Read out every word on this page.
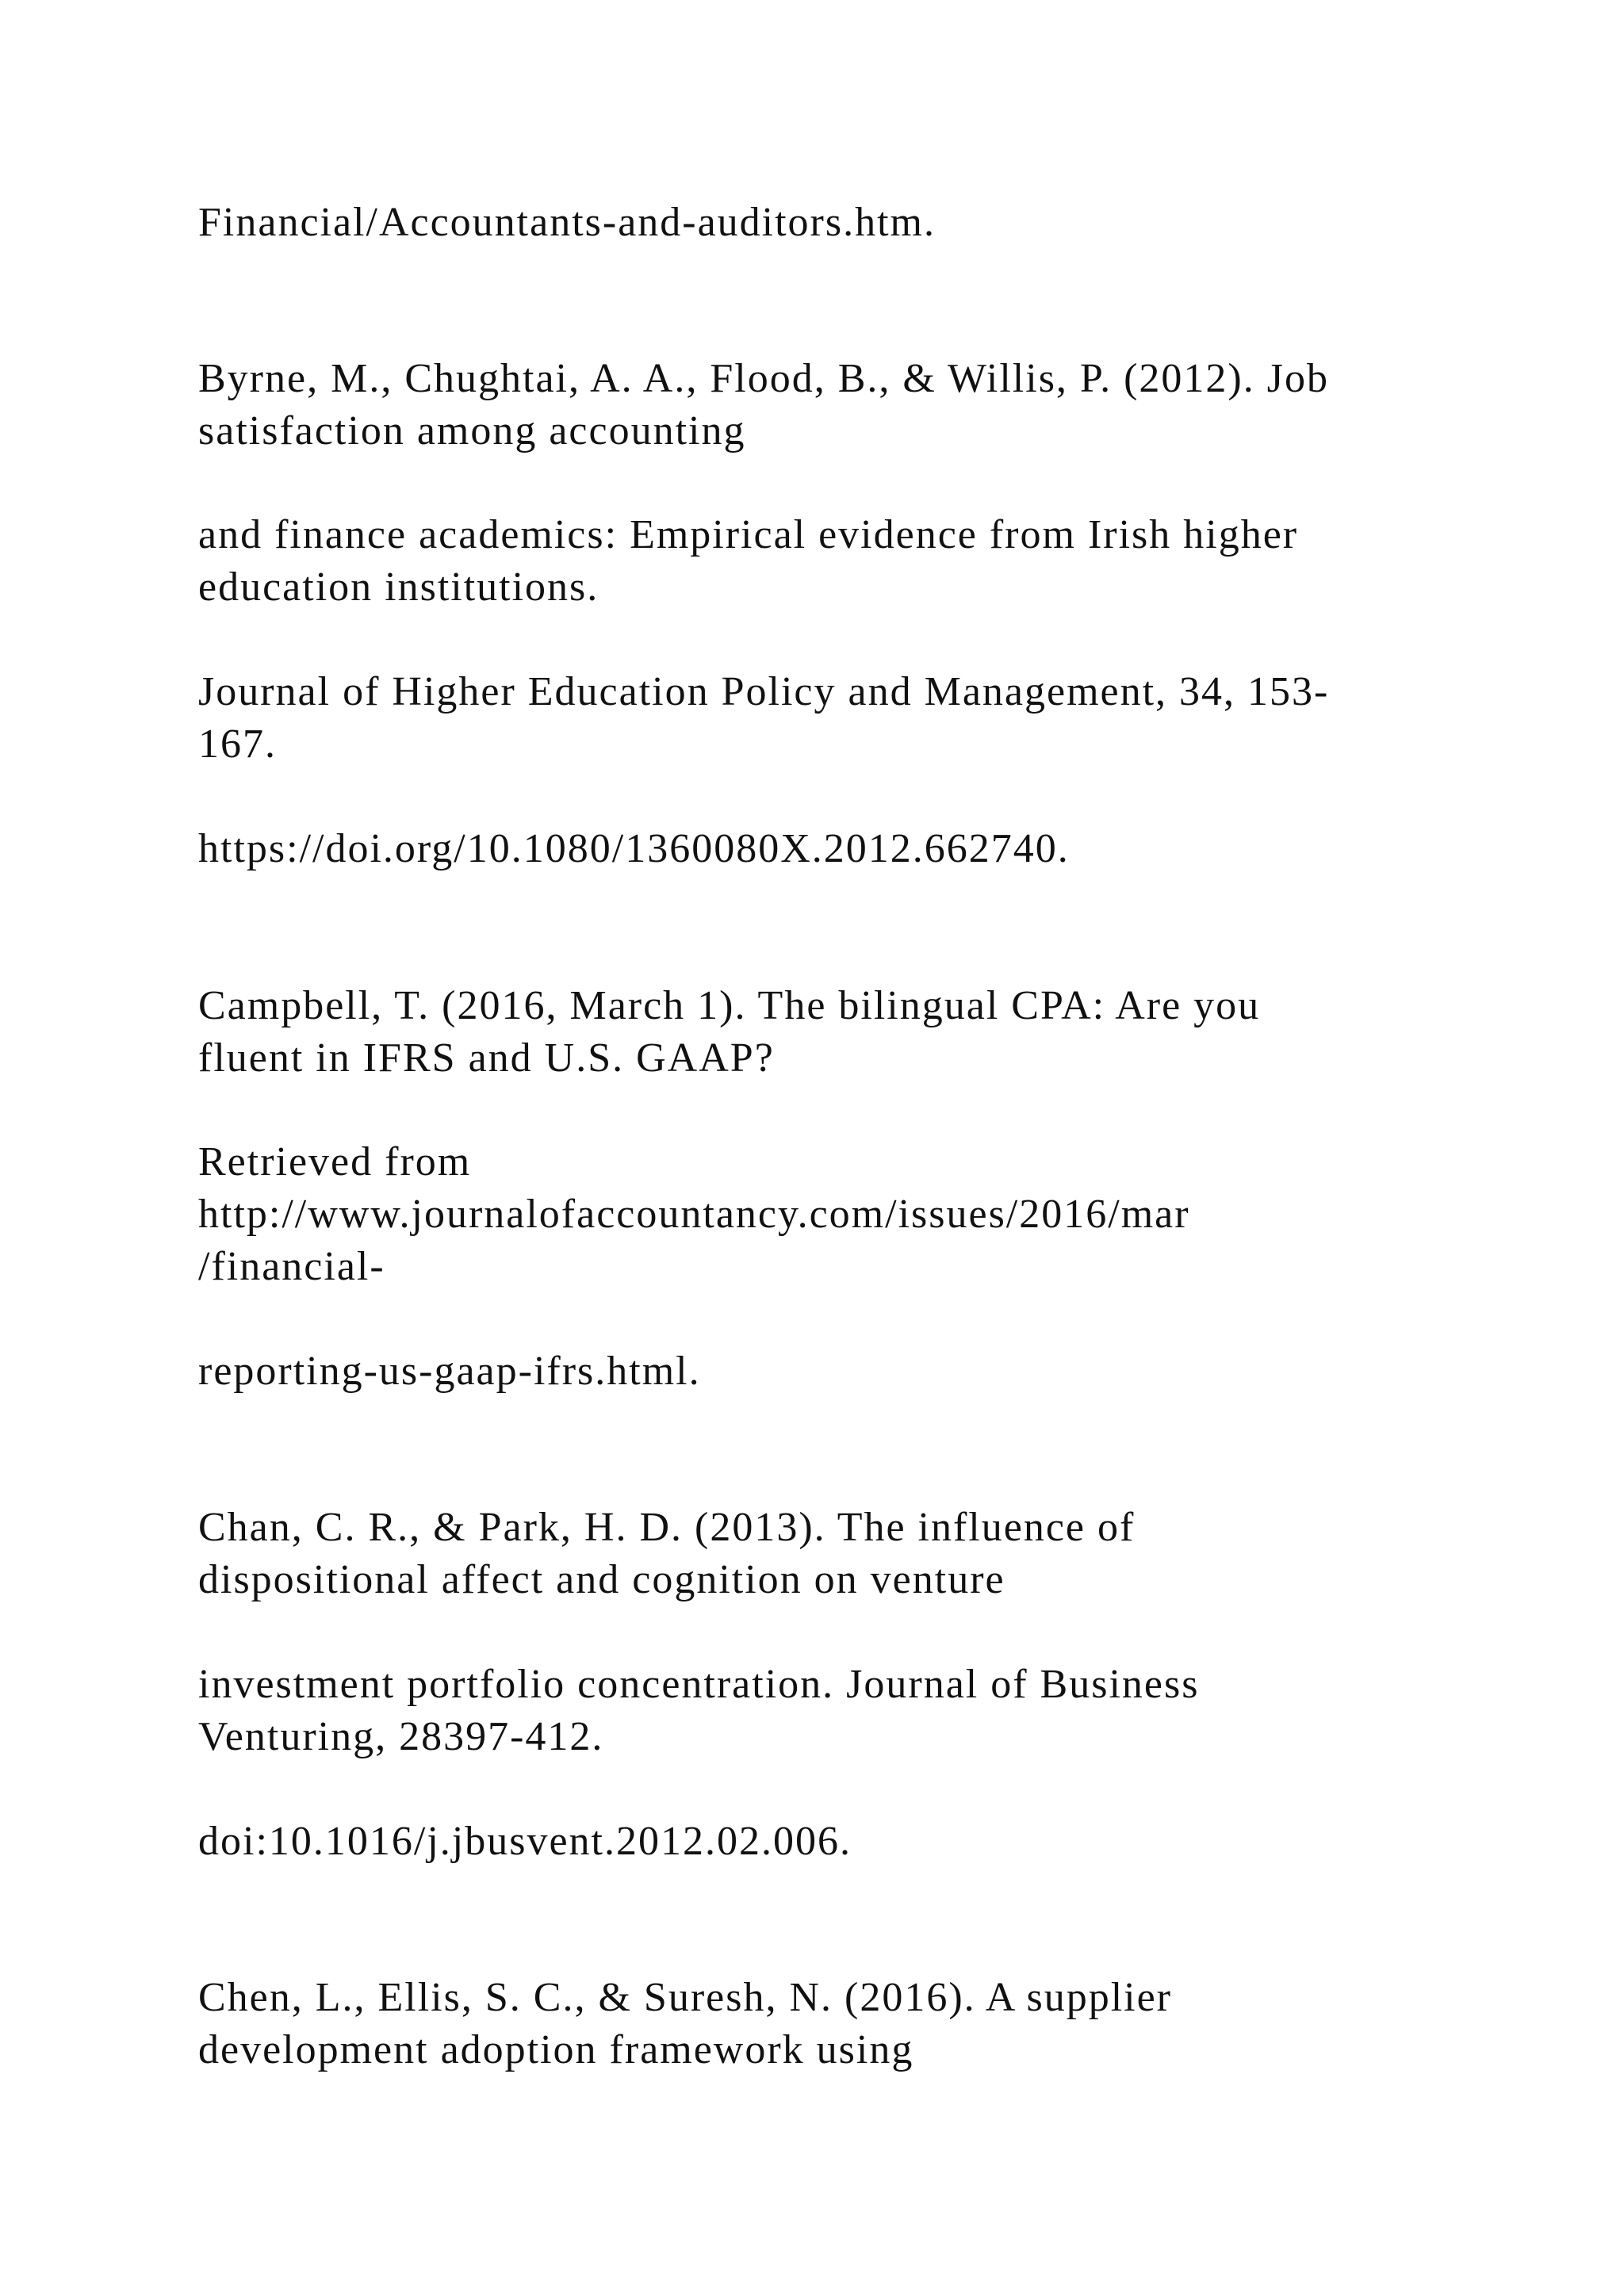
Financial/Accountants-and-auditors.htm.

Byrne, M., Chughtai, A. A., Flood, B., & Willis, P. (2012). Job

satisfaction among accounting

and finance academics: Empirical evidence from Irish higher

education institutions.

Journal of Higher Education Policy and Management, 34, 153-

167.

https://doi.org/10.1080/1360080X.2012.662740.

Campbell, T. (2016, March 1). The bilingual CPA: Are you

fluent in IFRS and U.S. GAAP?

Retrieved from

http://www.journalofaccountancy.com/issues/2016/mar

/financial-

reporting-us-gaap-ifrs.html.

Chan, C. R., & Park, H. D. (2013). The influence of

dispositional affect and cognition on venture

investment portfolio concentration. Journal of Business

Venturing, 28397-412.

doi:10.1016/j.jbusvent.2012.02.006.

Chen, L., Ellis, S. C., & Suresh, N. (2016). A supplier

development adoption framework using
